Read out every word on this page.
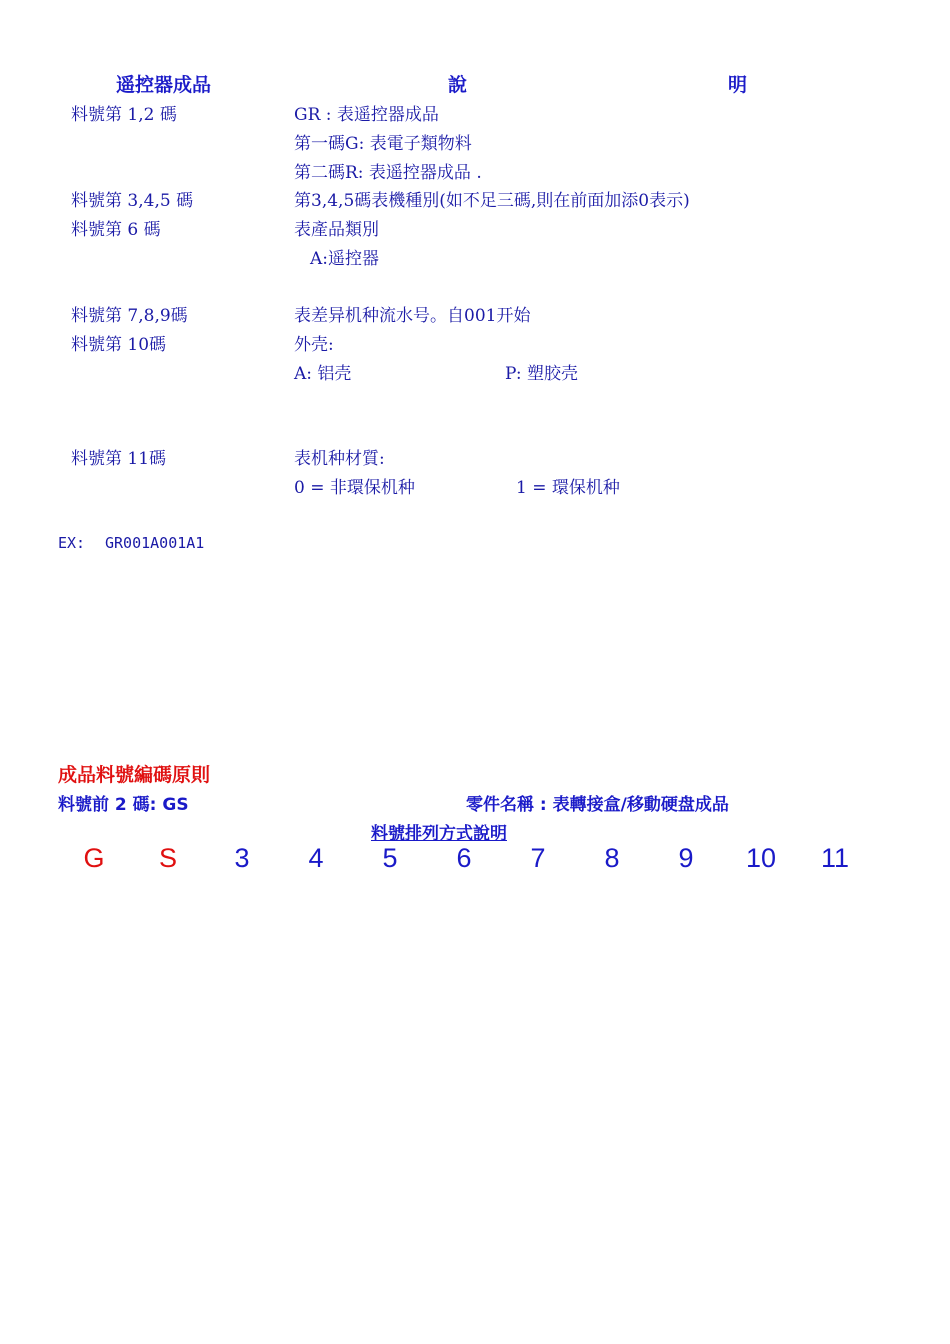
遥控器成品	說	明
料號第 1,2 碼	GR : 表遥控器成品
第一碼G: 表電子類物料
第二碼R: 表遥控器成品 .
料號第 3,4,5 碼	第3,4,5碼表機種別(如不足三碼,則在前面加添0表示)
料號第 6 碼	表產品類別
A:遥控器
料號第 7,8,9碼	表差异机种流水号。自001开始
料號第 10碼	外壳:
A: 铝壳	P: 塑胶壳
料號第 11碼	表机种材質:
0 = 非環保机种	1 = 環保机种
EX: GR001A001A1
成品料號編碼原則
料號前 2 碼: GS	零件名稱 : 表轉接盒/移動硬盘成品
料號排列方式說明
G	S	3	4	5	6	7	8	9	10	11
